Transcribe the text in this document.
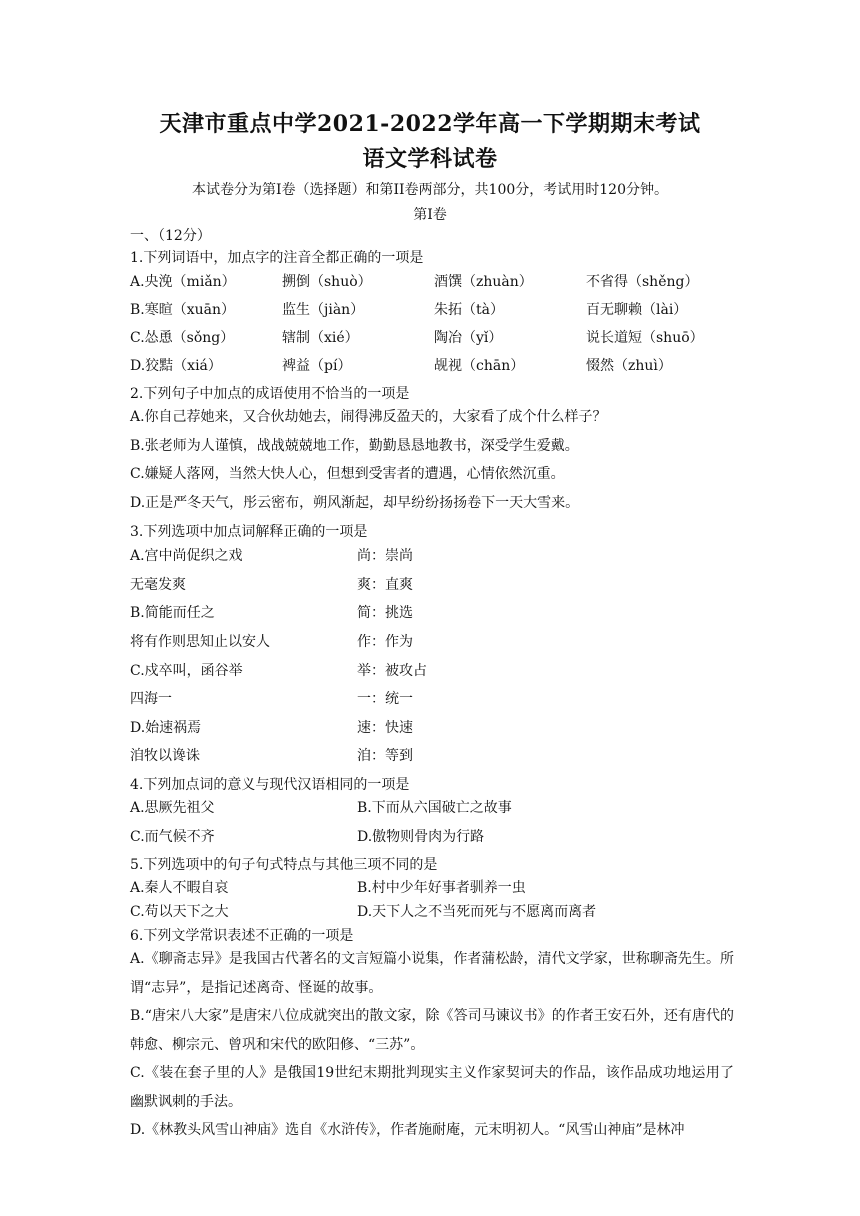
天津市重点中学2021-2022学年高一下学期期末考试
语文学科试卷
本试卷分为第I卷（选择题）和第II卷两部分，共100分，考试用时120分钟。
第I卷
一、（12分）
1.下列词语中，加点字的注音全都正确的一项是
A.央浼（miǎn）	搠倒（shuò）	酒馔（zhuàn）	不省得（shěng）
B.寒暄（xuān）	监生（jiàn）	朱拓（tà）	百无聊赖（lài）
C.怂恿（sǒng）	辖制（xié）	陶冶（yǐ）	说长道短（shuō）
D.狡黠（xiá）	裨益（pí）	觇视（chān）	惙然（zhuì）
2.下列句子中加点的成语使用不恰当的一项是
A.你自己荐她来，又合伙劫她去，闹得沸反盈天的，大家看了成个什么样子？
B.张老师为人谨慎，战战兢兢地工作，勤勤恳恳地教书，深受学生爱戴。
C.嫌疑人落网，当然大快人心，但想到受害者的遭遇，心情依然沉重。
D.正是严冬天气，彤云密布，朔风渐起，却早纷纷扬扬卷下一天大雪来。
3.下列选项中加点词解释正确的一项是
A.宫中尚促织之戏	尚：崇尚
无毫发爽	爽：直爽
B.简能而任之	简：挑选
将有作则思知止以安人	作：作为
C.戍卒叫，函谷举	举：被攻占
四海一	一：统一
D.始速祸焉	速：快速
洎牧以谗诛	洎：等到
4.下列加点词的意义与现代汉语相同的一项是
A.思厥先祖父	B.下而从六国破亡之故事
C.而气候不齐	D.傲物则骨肉为行路
5.下列选项中的句子句式特点与其他三项不同的是
A.秦人不暇自哀	B.村中少年好事者驯养一虫
C.苟以天下之大	D.天下人之不当死而死与不愿离而离者
6.下列文学常识表述不正确的一项是
A.《聊斋志异》是我国古代著名的文言短篇小说集，作者蒲松龄，清代文学家，世称聊斋先生。所谓“志异”，是指记述离奇、怪诞的故事。
B.“唐宋八大家”是唐宋八位成就突出的散文家，除《答司马谏议书》的作者王安石外，还有唐代的韩愈、柳宗元、曾巩和宋代的欧阳修、“三苏”。
C.《装在套子里的人》是俄国19世纪末期批判现实主义作家契诃夫的作品，该作品成功地运用了幽默讽刺的手法。
D.《林教头风雪山神庙》选自《水浒传》，作者施耐庵，元末明初人。“风雪山神庙”是林冲
